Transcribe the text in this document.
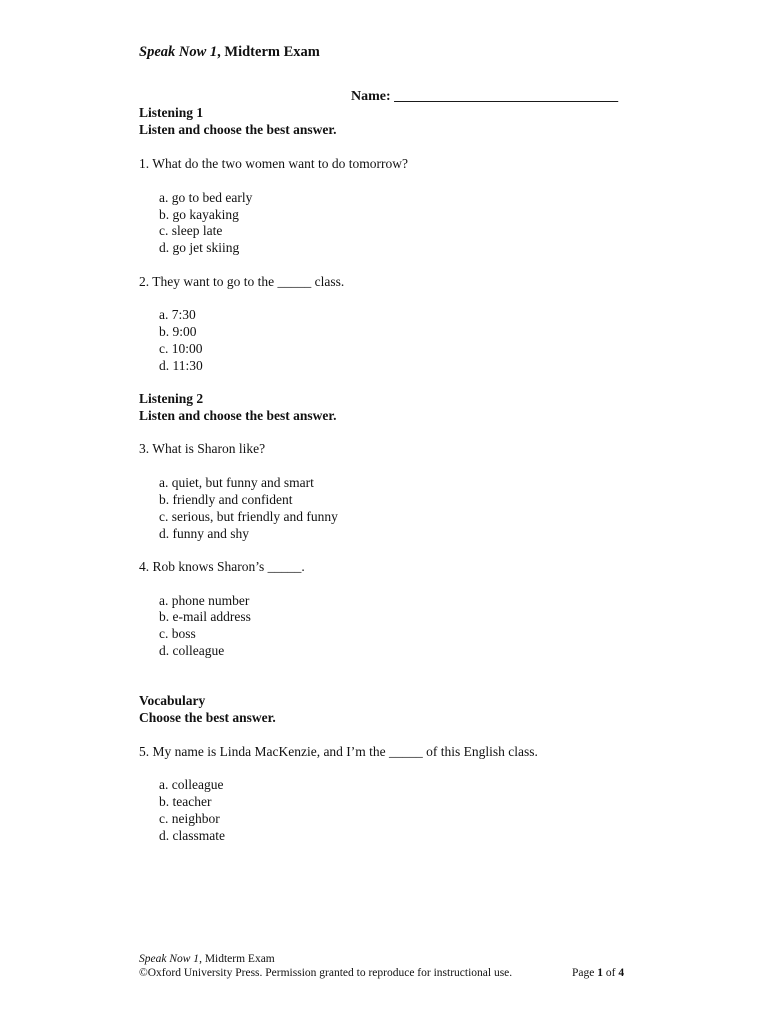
Speak Now 1, Midterm Exam
Name: ________________________________
Listening 1
Listen and choose the best answer.
1. What do the two women want to do tomorrow?
a. go to bed early
b. go kayaking
c. sleep late
d. go jet skiing
2. They want to go to the _____ class.
a. 7:30
b. 9:00
c. 10:00
d. 11:30
Listening 2
Listen and choose the best answer.
3. What is Sharon like?
a. quiet, but funny and smart
b. friendly and confident
c. serious, but friendly and funny
d. funny and shy
4. Rob knows Sharon’s _____.
a. phone number
b. e-mail address
c. boss
d. colleague
Vocabulary
Choose the best answer.
5. My name is Linda MacKenzie, and I’m the _____ of this English class.
a. colleague
b. teacher
c. neighbor
d. classmate
Speak Now 1, Midterm Exam
©Oxford University Press. Permission granted to reproduce for instructional use.	Page 1 of 4
